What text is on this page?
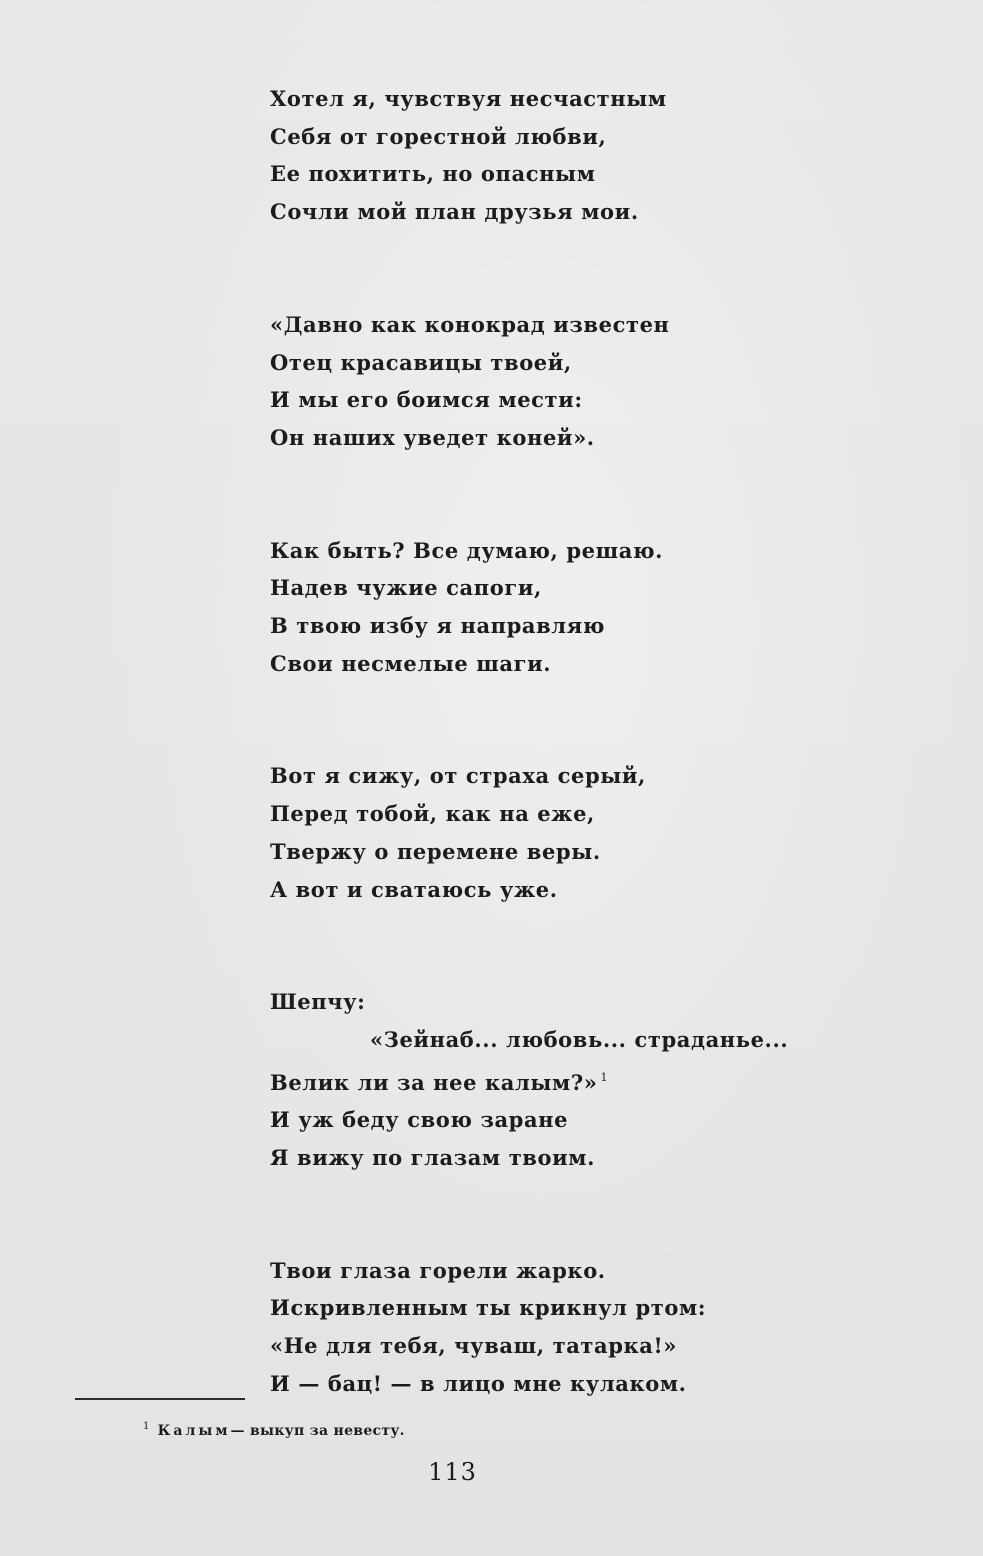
Хотел я, чувствуя несчастным
Себя от горестной любви,
Ее похитить, но опасным
Сочли мой план друзья мои.

«Давно как конокрад известен
Отец красавицы твоей,
И мы его боимся мести:
Он наших уведет коней».

Как быть? Все думаю, решаю.
Надев чужие сапоги,
В твою избу я направляю
Свои несмелые шаги.

Вот я сижу, от страха серый,
Перед тобой, как на еже,
Твержу о перемене веры.
А вот и сватаюсь уже.

Шепчу:
«Зейнаб... любовь... страданье...
Велик ли за нее калым?» $^1$
И уж беду свою заране
Я вижу по глазам твоим.

Твои глаза горели жарко.
Искривленным ты крикнул ртом:
«Не для тебя, чуваш, татарка!»
И — бац! — в лицо мне кулаком.

$^1$ Калым— выкуп за невесту.
113
